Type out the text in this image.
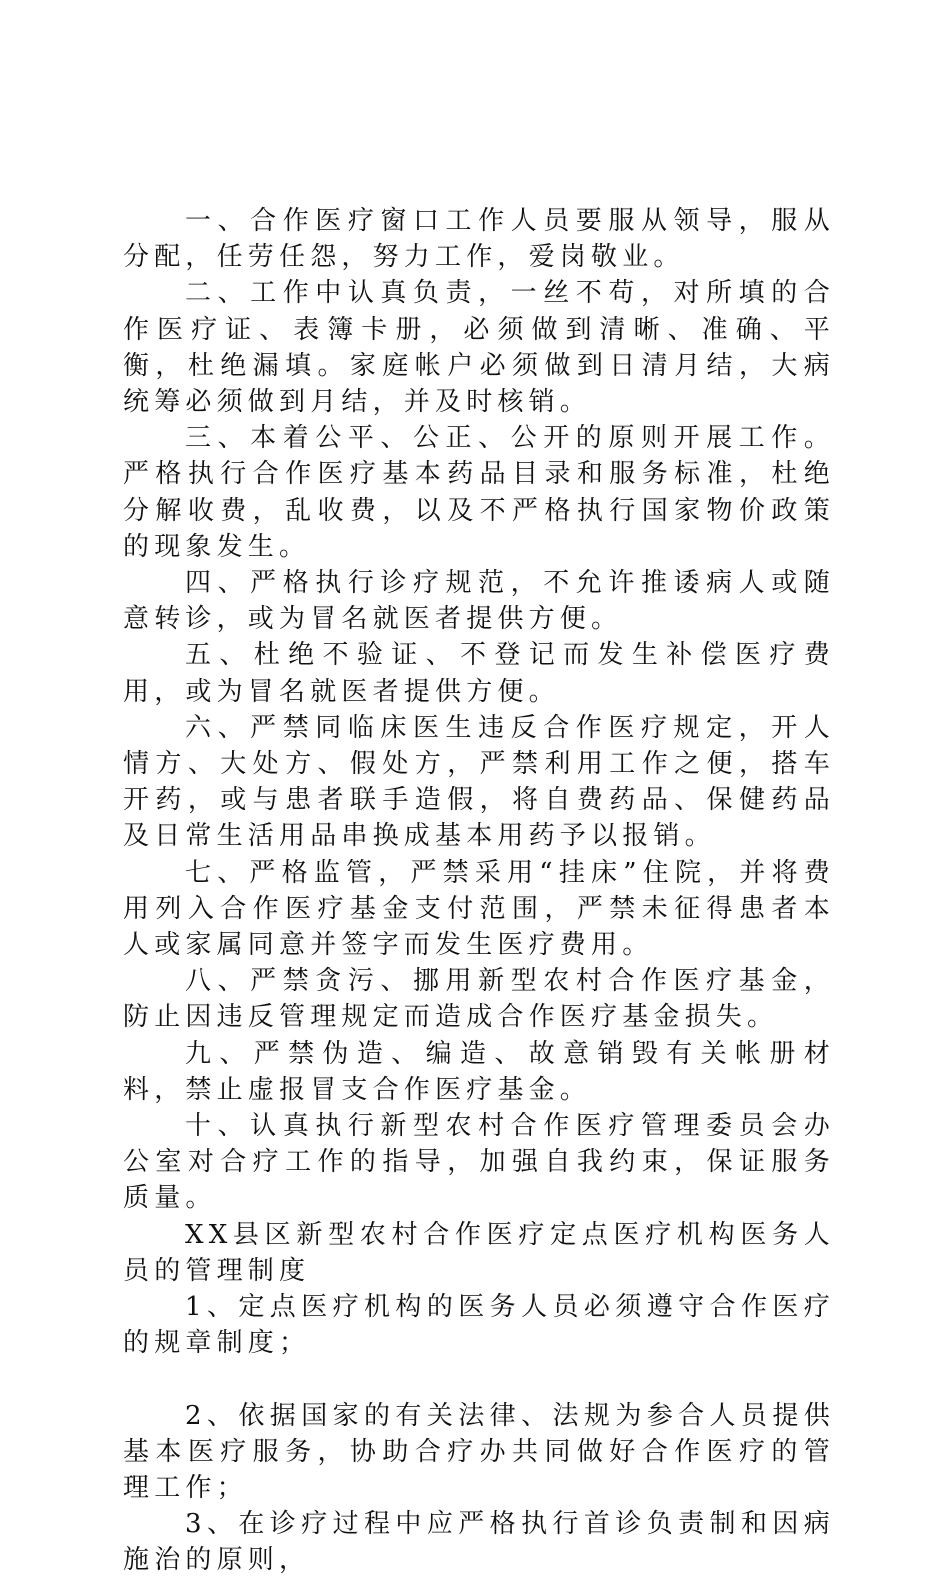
一、合作医疗窗口工作人员要服从领导，服从分配，任劳任怨，努力工作，爱岗敬业。

二、工作中认真负责，一丝不苟，对所填的合作医疗证、表簿卡册，必须做到清晰、准确、平衡，杜绝漏填。家庭帐户必须做到日清月结，大病统筹必须做到月结，并及时核销。

三、本着公平、公正、公开的原则开展工作。严格执行合作医疗基本药品目录和服务标准，杜绝分解收费，乱收费，以及不严格执行国家物价政策的现象发生。

四、严格执行诊疗规范，不允许推诿病人或随意转诊，或为冒名就医者提供方便。

五、杜绝不验证、不登记而发生补偿医疗费用，或为冒名就医者提供方便。

六、严禁同临床医生违反合作医疗规定，开人情方、大处方、假处方，严禁利用工作之便，搭车开药，或与患者联手造假，将自费药品、保健药品及日常生活用品串换成基本用药予以报销。

七、严格监管，严禁采用“挂床”住院，并将费用列入合作医疗基金支付范围，严禁未征得患者本人或家属同意并签字而发生医疗费用。

八、严禁贪污、挪用新型农村合作医疗基金，防止因违反管理规定而造成合作医疗基金损失。

九、严禁伪造、编造、故意销毁有关帐册材料，禁止虚报冒支合作医疗基金。

十、认真执行新型农村合作医疗管理委员会办公室对合疗工作的指导，加强自我约束，保证服务质量。

XX县区新型农村合作医疗定点医疗机构医务人员的管理制度

1、定点医疗机构的医务人员必须遵守合作医疗的规章制度；

2、依据国家的有关法律、法规为参合人员提供基本医疗服务，协助合疗办共同做好合作医疗的管理工作；

3、在诊疗过程中应严格执行首诊负责制和因病施治的原则，
